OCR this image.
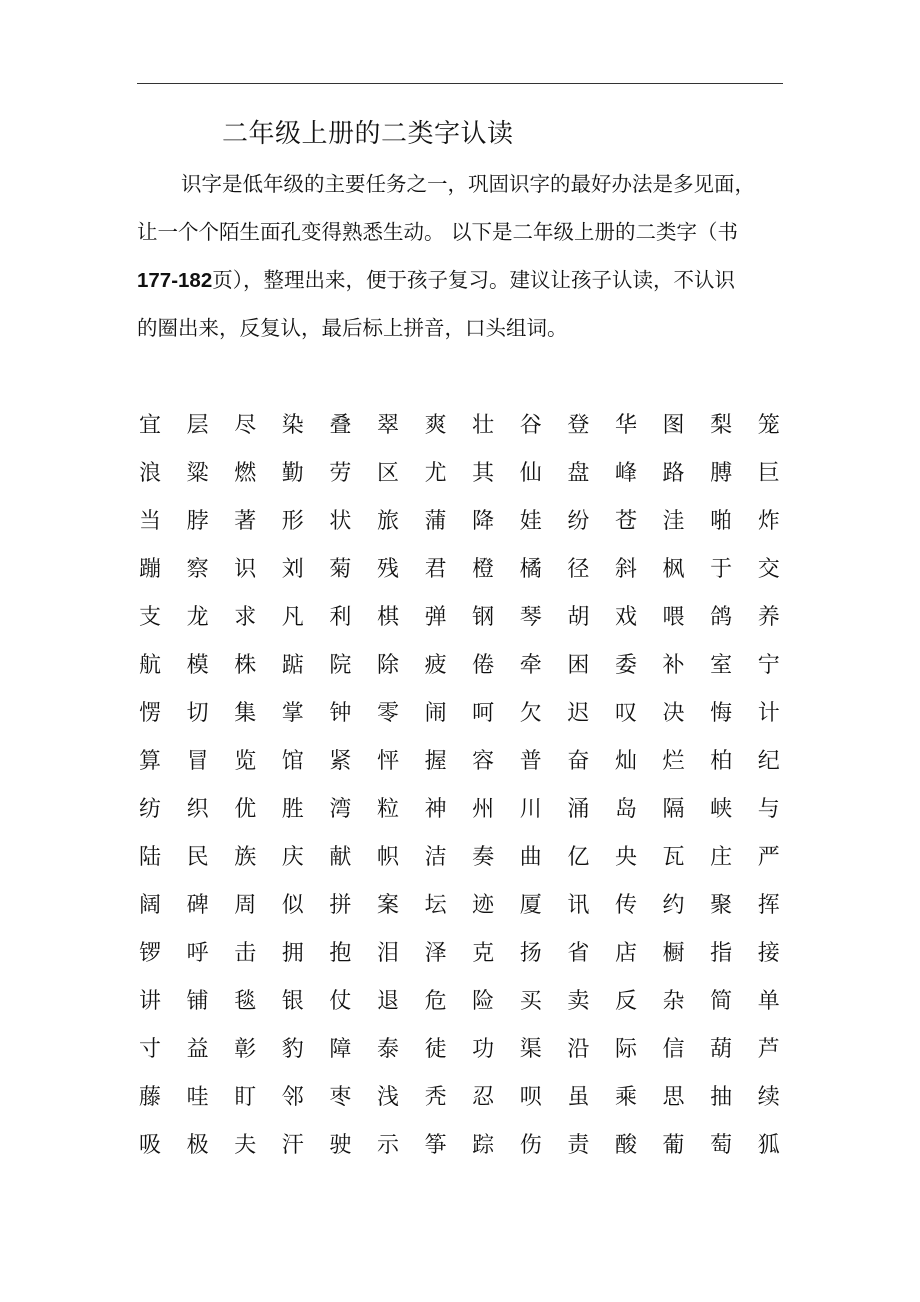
二年级上册的二类字认读
识字是低年级的主要任务之一，巩固识字的最好办法是多见面，
让一个个陌生面孔变得熟悉生动。 以下是二年级上册的二类字（书
177-182页），整理出来，便于孩子复习。建议让孩子认读，不认识
的圈出来，反复认，最后标上拼音，口头组词。
宜	层	尽	染	叠	翠	爽	壮	谷	登	华	图	梨	笼
浪	粱	燃	勤	劳	区	尤	其	仙	盘	峰	路	膊	巨
当	脖	著	形	状	旅	蒲	降	娃	纷	苍	洼	啪	炸
蹦	察	识	刘	菊	残	君	橙	橘	径	斜	枫	于	交
支	龙	求	凡	利	棋	弹	钢	琴	胡	戏	喂	鸽	养
航	模	株	踮	院	除	疲	倦	牵	困	委	补	室	宁
愣	切	集	掌	钟	零	闹	呵	欠	迟	叹	决	悔	计
算	冒	览	馆	紧	怦	握	容	普	奋	灿	烂	柏	纪
纺	织	优	胜	湾	粒	神	州	川	涌	岛	隔	峡	与
陆	民	族	庆	献	帜	洁	奏	曲	亿	央	瓦	庄	严
阔	碑	周	似	拼	案	坛	迹	厦	讯	传	约	聚	挥
锣	呼	击	拥	抱	泪	泽	克	扬	省	店	橱	指	接
讲	铺	毯	银	仗	退	危	险	买	卖	反	杂	简	单
寸	益	彰	豹	障	泰	徒	功	渠	沿	际	信	葫	芦
藤	哇	盯	邻	枣	浅	秃	忍	呗	虽	乘	思	抽	续
吸	极	夫	汗	驶	示	筝	踪	伤	责	酸	葡	萄	狐
